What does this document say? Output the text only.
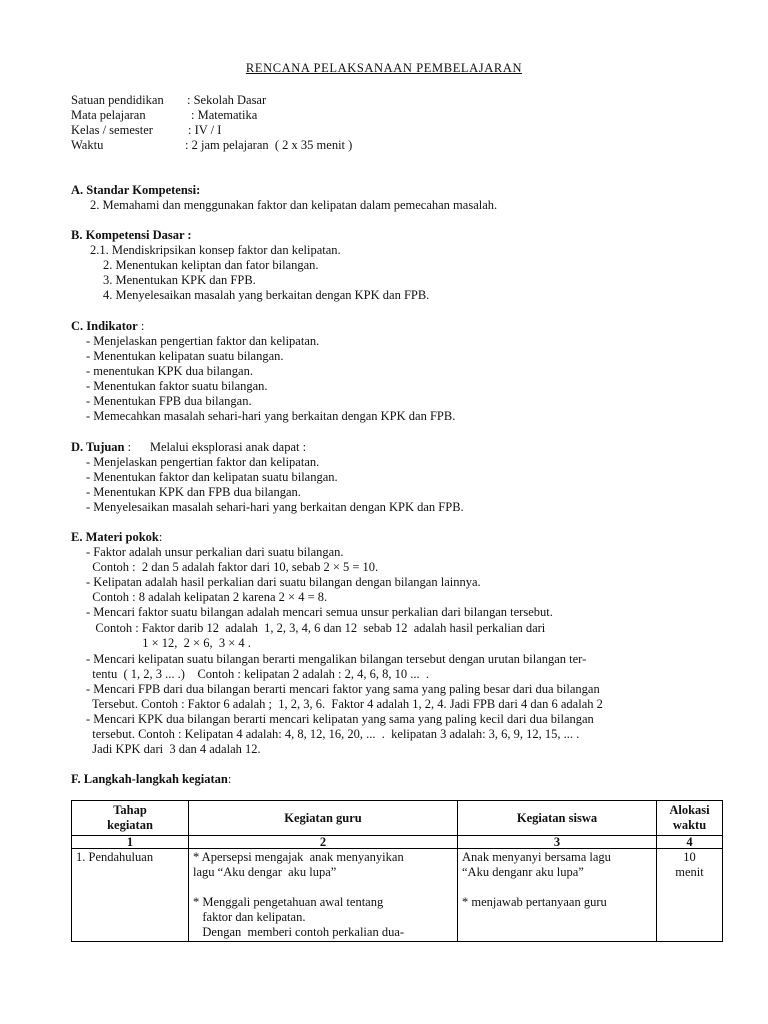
RENCANA PELAKSANAAN PEMBELAJARAN
Satuan pendidikan : Sekolah Dasar
Mata pelajaran	: Matematika
Kelas / semester	: IV / I
Waktu	: 2 jam pelajaran  ( 2 x 35 menit )
A. Standar Kompetensi:
2. Memahami dan menggunakan faktor dan kelipatan dalam pemecahan masalah.
B. Kompetensi Dasar :
2.1. Mendiskripsikan konsep faktor dan kelipatan.
2. Menentukan keliptan dan fator bilangan.
3. Menentukan KPK dan FPB.
4. Menyelesaikan masalah yang berkaitan dengan KPK dan FPB.
C. Indikator :
- Menjelaskan pengertian faktor dan kelipatan.
- Menentukan kelipatan suatu bilangan.
- menentukan KPK dua bilangan.
- Menentukan faktor suatu bilangan.
- Menentukan FPB dua bilangan.
- Memecahkan masalah sehari-hari yang berkaitan dengan KPK dan FPB.
D. Tujuan :      Melalui eksplorasi anak dapat :
- Menjelaskan pengertian faktor dan kelipatan.
- Menentukan faktor dan kelipatan suatu bilangan.
- Menentukan KPK dan FPB dua bilangan.
- Menyelesaikan masalah sehari-hari yang berkaitan dengan KPK dan FPB.
E. Materi pokok:
- Faktor adalah unsur perkalian dari suatu bilangan.
Contoh :  2 dan 5 adalah faktor dari 10, sebab 2 × 5 = 10.
- Kelipatan adalah hasil perkalian dari suatu bilangan dengan bilangan lainnya.
Contoh : 8 adalah kelipatan 2 karena 2 × 4 = 8.
- Mencari faktor suatu bilangan adalah mencari semua unsur perkalian dari bilangan tersebut.
Contoh : Faktor darib 12  adalah  1, 2, 3, 4, 6 dan 12  sebab 12  adalah hasil perkalian dari
1 × 12,  2 × 6,  3 × 4 .
- Mencari kelipatan suatu bilangan berarti mengalikan bilangan tersebut dengan urutan bilangan ter-
tentu  ( 1, 2, 3 ... .)    Contoh : kelipatan 2 adalah : 2, 4, 6, 8, 10 ...  .
- Mencari FPB dari dua bilangan berarti mencari faktor yang sama yang paling besar dari dua bilangan
Tersebut. Contoh : Faktor 6 adalah ;  1, 2, 3, 6.  Faktor 4 adalah 1, 2, 4. Jadi FPB dari 4 dan 6 adalah 2
- Mencari KPK dua bilangan berarti mencari kelipatan yang sama yang paling kecil dari dua bilangan
tersebut. Contoh : Kelipatan 4 adalah: 4, 8, 12, 16, 20, ...  .  kelipatan 3 adalah: 3, 6, 9, 12, 15, ... .
Jadi KPK dari  3 dan 4 adalah 12.
F. Langkah-langkah kegiatan:
Tahap
kegiatan	Kegiatan guru	Kegiatan siswa	Alokasi
waktu

1	2	3	4

1. Pendahuluan	* Apersepsi mengajak  anak menyanyikan
lagu “Aku dengar  aku lupa”

* Menggali pengetahuan awal tentang
faktor dan kelipatan.
Dengan  memberi contoh perkalian dua-	Anak menyanyi bersama lagu
“Aku denganr aku lupa”

* menjawab pertanyaan guru	10
menit
